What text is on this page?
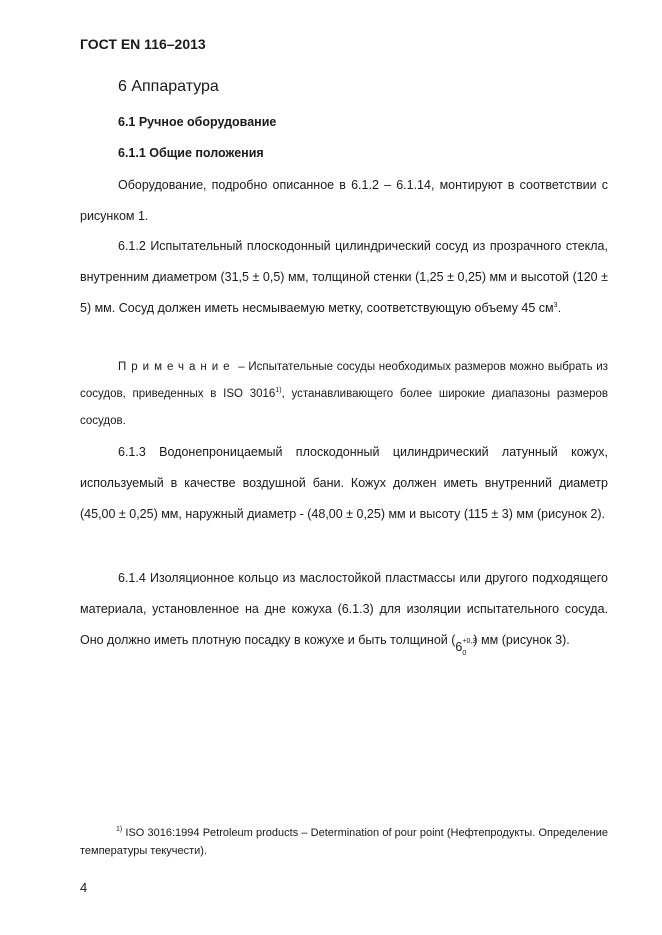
ГОСТ EN 116–2013
6 Аппаратура
6.1 Ручное оборудование
6.1.1 Общие положения
Оборудование, подробно описанное в 6.1.2 – 6.1.14, монтируют в соответствии с рисунком 1.
6.1.2 Испытательный плоскодонный цилиндрический сосуд из прозрачного стекла, внутренним диаметром (31,5 ± 0,5) мм, толщиной стенки (1,25 ± 0,25) мм и высотой (120 ± 5) мм. Сосуд должен иметь несмываемую метку, соответствующую объему 45 $см^3$.
Примечание – Испытательные сосуды необходимых размеров можно выбрать из сосудов, приведенных в ISO 3016$^{1)}$, устанавливающего более широкие диапазоны размеров сосудов.
6.1.3 Водонепроницаемый плоскодонный цилиндрический латунный кожух, используемый в качестве воздушной бани. Кожух должен иметь внутренний диаметр (45,00 ± 0,25) мм, наружный диаметр - (48,00 ± 0,25) мм и высоту (115 ± 3) мм (рисунок 2).
6.1.4 Изоляционное кольцо из маслостойкой пластмассы или другого подходящего материала, установленное на дне кожуха (6.1.3) для изоляции испытательного сосуда. Оно должно иметь плотную посадку в кожухе и быть толщиной ( 6 +0,3
0
) мм (рисунок 3).
$^{1)}$ ISO 3016:1994 Petroleum products – Determination of pour point (Нефтепродукты. Определение температуры текучести).
4
